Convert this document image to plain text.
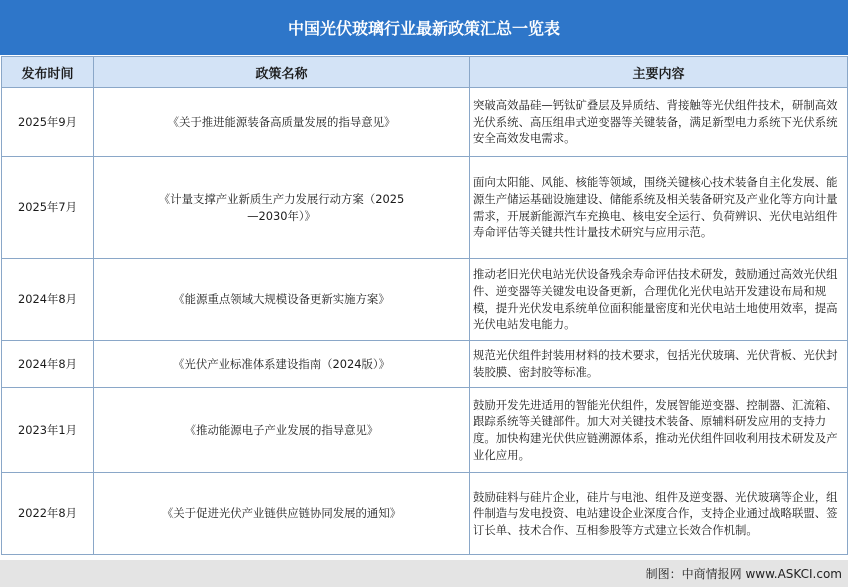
中国光伏玻璃行业最新政策汇总一览表
发布时间	政策名称	主要内容
2025年9月	《关于推进能源装备高质量发展的指导意见》	突破高效晶硅—钙钛矿叠层及异质结、背接触等光伏组件技术，研制高效光伏系统、高压组串式逆变器等关键装备，满足新型电力系统下光伏系统安全高效发电需求。
2025年7月	《计量支撑产业新质生产力发展行动方案（2025—2030年）》	面向太阳能、风能、核能等领域，围绕关键核心技术装备自主化发展、能源生产储运基础设施建设、储能系统及相关装备研究及产业化等方向计量需求，开展新能源汽车充换电、核电安全运行、负荷辨识、光伏电站组件寿命评估等关键共性计量技术研究与应用示范。
2024年8月	《能源重点领域大规模设备更新实施方案》	推动老旧光伏电站光伏设备残余寿命评估技术研发，鼓励通过高效光伏组件、逆变器等关键发电设备更新，合理优化光伏电站开发建设布局和规模，提升光伏发电系统单位面积能量密度和光伏电站土地使用效率，提高光伏电站发电能力。
2024年8月	《光伏产业标准体系建设指南（2024版）》	规范光伏组件封装用材料的技术要求，包括光伏玻璃、光伏背板、光伏封装胶膜、密封胶等标准。
2023年1月	《推动能源电子产业发展的指导意见》	鼓励开发先进适用的智能光伏组件，发展智能逆变器、控制器、汇流箱、跟踪系统等关键部件。加大对关键技术装备、原辅料研发应用的支持力度。加快构建光伏供应链溯源体系，推动光伏组件回收利用技术研发及产业化应用。
2022年8月	《关于促进光伏产业链供应链协同发展的通知》	鼓励硅料与硅片企业，硅片与电池、组件及逆变器、光伏玻璃等企业，组件制造与发电投资、电站建设企业深度合作，支持企业通过战略联盟、签订长单、技术合作、互相参股等方式建立长效合作机制。
制图：中商情报网 www.ASKCI.com
